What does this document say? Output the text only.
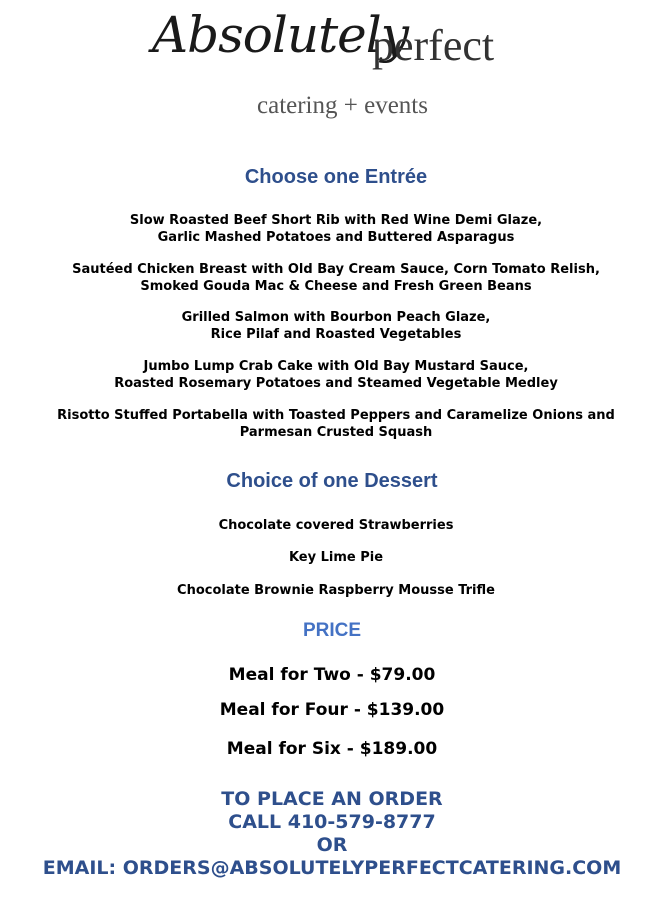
Absolutely
perfect
catering + events
Choose one Entrée
Slow Roasted Beef Short Rib with Red Wine Demi Glaze,
Garlic Mashed Potatoes and Buttered Asparagus
Sautéed Chicken Breast with Old Bay Cream Sauce, Corn Tomato Relish,
Smoked Gouda Mac & Cheese and Fresh Green Beans
Grilled Salmon with Bourbon Peach Glaze,
Rice Pilaf and Roasted Vegetables
Jumbo Lump Crab Cake with Old Bay Mustard Sauce,
Roasted Rosemary Potatoes and Steamed Vegetable Medley
Risotto Stuffed Portabella with Toasted Peppers and Caramelize Onions and
Parmesan Crusted Squash
Choice of one Dessert
Chocolate covered Strawberries
Key Lime Pie
Chocolate Brownie Raspberry Mousse Trifle
PRICE
Meal for Two - $79.00
Meal for Four - $139.00
Meal for Six - $189.00
TO PLACE AN ORDER
CALL 410-579-8777
OR
EMAIL: ORDERS@ABSOLUTELYPERFECTCATERING.COM
